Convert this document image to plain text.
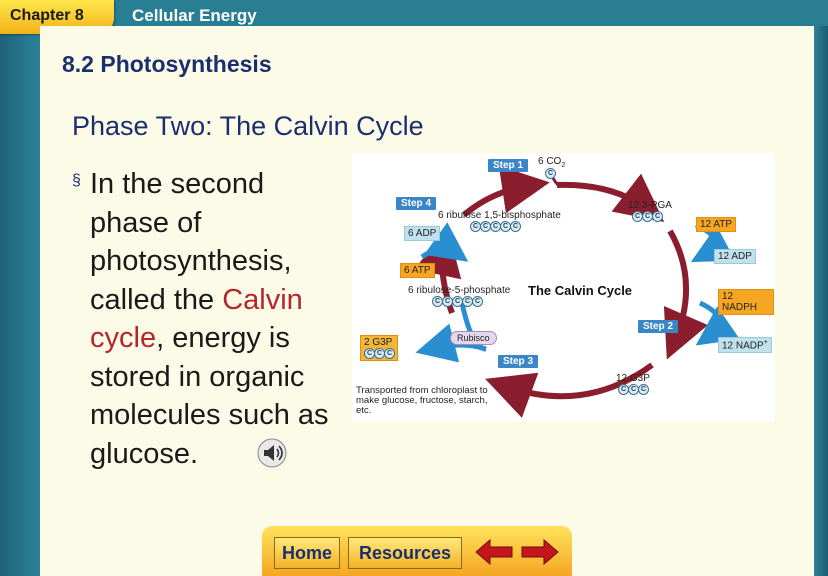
Chapter 8	Cellular Energy
8.2 Photosynthesis
Phase Two: The Calvin Cycle
§ In the second phase of photosynthesis, called the Calvin cycle, energy is stored in organic molecules such as glucose.
Step 1	6 $CO_2$
C
Step 4
6 ribulose 1,5-bisphosphate
C C C C C
12 3-PGA
C C C
12 ATP
12 ADP
12 NADPH
12 NADP+
6 ADP
6 ATP
6 ribulose-5-phosphate
C C C C C
The Calvin Cycle
Rubisco
Step 2
Step 3
2 G3P
C C C
12 G3P
C C C
Transported from chloroplast to make glucose, fructose, starch, etc.
Home	Resources
